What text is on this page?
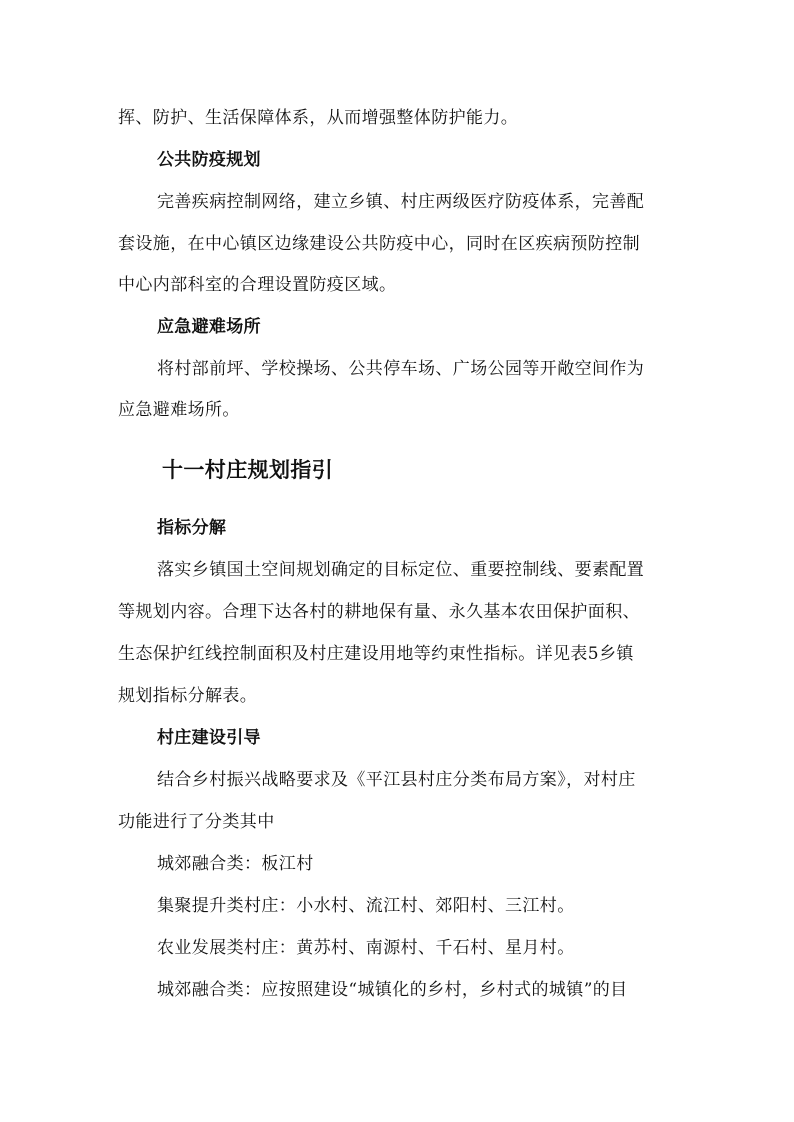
挥、防护、生活保障体系，从而增强整体防护能力。
公共防疫规划
完善疾病控制网络，建立乡镇、村庄两级医疗防疫体系，完善配
套设施，在中心镇区边缘建设公共防疫中心，同时在区疾病预防控制
中心内部科室的合理设置防疫区域。
应急避难场所
将村部前坪、学校操场、公共停车场、广场公园等开敞空间作为
应急避难场所。
十一村庄规划指引
指标分解
落实乡镇国土空间规划确定的目标定位、重要控制线、要素配置
等规划内容。合理下达各村的耕地保有量、永久基本农田保护面积、
生态保护红线控制面积及村庄建设用地等约束性指标。详见表5乡镇
规划指标分解表。
村庄建设引导
结合乡村振兴战略要求及《平江县村庄分类布局方案》，对村庄
功能进行了分类其中
城郊融合类：板江村
集聚提升类村庄：小水村、流江村、郊阳村、三江村。
农业发展类村庄：黄苏村、南源村、千石村、星月村。
城郊融合类：应按照建设“城镇化的乡村，乡村式的城镇”的目
